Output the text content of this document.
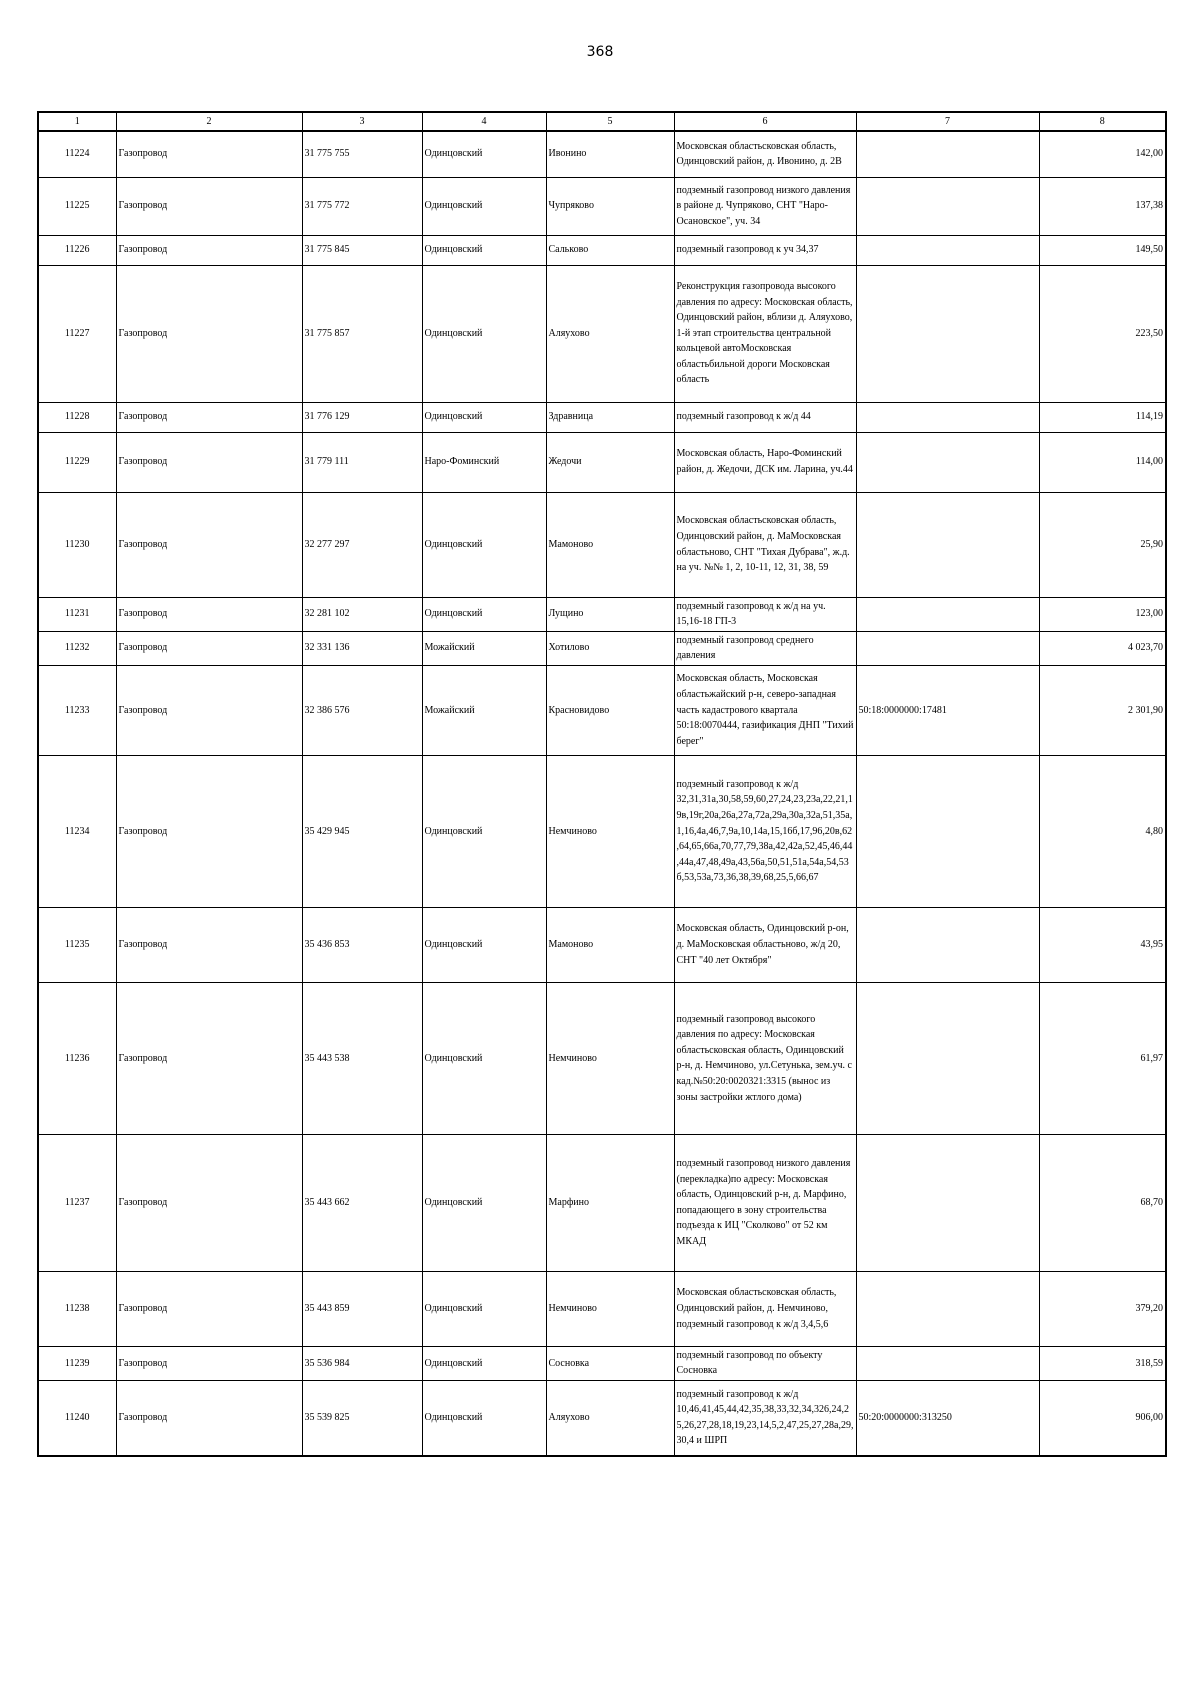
368
1	2	3	4	5	6	7	8
11224	Газопровод	31 775 755	Одинцовский	Ивонино	Московская областьсковская область, Одинцовский район, д. Ивонино, д. 2В		142,00
11225	Газопровод	31 775 772	Одинцовский	Чупряково	подземный газопровод низкого давления в районе д. Чупряково, СНТ "Наро-Осановское", уч. 34		137,38
11226	Газопровод	31 775 845	Одинцовский	Сальково	подземный газопровод к уч 34,37		149,50
11227	Газопровод	31 775 857	Одинцовский	Аляухово	Реконструкция газопровода высокого давления по адресу: Московская область, Одинцовский район, вблизи д. Аляухово, 1-й этап строительства центральной кольцевой автоМосковская областьбильной дороги Московская область		223,50
11228	Газопровод	31 776 129	Одинцовский	Здравница	подземный газопровод к ж/д 44		114,19
11229	Газопровод	31 779 111	Наро-Фоминский	Жедочи	Московская область, Наро-Фоминский район, д. Жедочи, ДСК им. Ларина, уч.44		114,00
11230	Газопровод	32 277 297	Одинцовский	Мамоново	Московская областьсковская область, Одинцовский район, д. МаМосковская областьново, СНТ "Тихая Дубрава", ж.д. на уч. №№ 1, 2, 10-11, 12, 31, 38, 59		25,90
11231	Газопровод	32 281 102	Одинцовский	Лущино	подземный газопровод к ж/д на уч. 15,16-18 ГП-3		123,00
11232	Газопровод	32 331 136	Можайский	Хотилово	подземный газопровод среднего давления		4 023,70
11233	Газопровод	32 386 576	Можайский	Красновидово	Московская область, Московская областьжайский р-н, северо-западная часть кадастрового квартала 50:18:0070444, газификация ДНП "Тихий берег"	50:18:0000000:17481	2 301,90
11234	Газопровод	35 429 945	Одинцовский	Немчиново	подземный газопровод к ж/д 32,31,31а,30,58,59,60,27,24,23,23а,22,21,19в,19г,20а,26а,27а,72а,29а,30а,32а,51,35а,1,16,4а,46,7,9а,10,14а,15,16б,17,96,20в,62,64,65,66а,70,77,79,38а,42,42а,52,45,46,44,44а,47,48,49а,43,56а,50,51,51а,54а,54,53б,53,53а,73,36,38,39,68,25,5,66,67		4,80
11235	Газопровод	35 436 853	Одинцовский	Мамоново	Московская область, Одинцовский р-он, д. МаМосковская областьново, ж/д 20, СНТ "40 лет Октября"		43,95
11236	Газопровод	35 443 538	Одинцовский	Немчиново	подземный газопровод высокого давления по адресу: Московская областьсковская область, Одинцовский р-н, д. Немчиново, ул.Сетунька, зем.уч. с кад.№50:20:0020321:3315 (вынос из зоны застройки жтлого дома)		61,97
11237	Газопровод	35 443 662	Одинцовский	Марфино	подземный газопровод низкого давления (перекладка)по адресу: Московская область, Одинцовский р-н, д. Марфино, попадающего в зону строительства подъезда к ИЦ "Сколково" от 52 км МКАД		68,70
11238	Газопровод	35 443 859	Одинцовский	Немчиново	Московская областьсковская область, Одинцовский район, д. Немчиново, подземный газопровод к ж/д 3,4,5,6		379,20
11239	Газопровод	35 536 984	Одинцовский	Сосновка	подземный газопровод по объекту Сосновка		318,59
11240	Газопровод	35 539 825	Одинцовский	Аляухово	подземный газопровод к ж/д 10,46,41,45,44,42,35,38,33,32,34,326,24,25,26,27,28,18,19,23,14,5,2,47,25,27,28а,29,30,4 и ШРП	50:20:0000000:313250	906,00
